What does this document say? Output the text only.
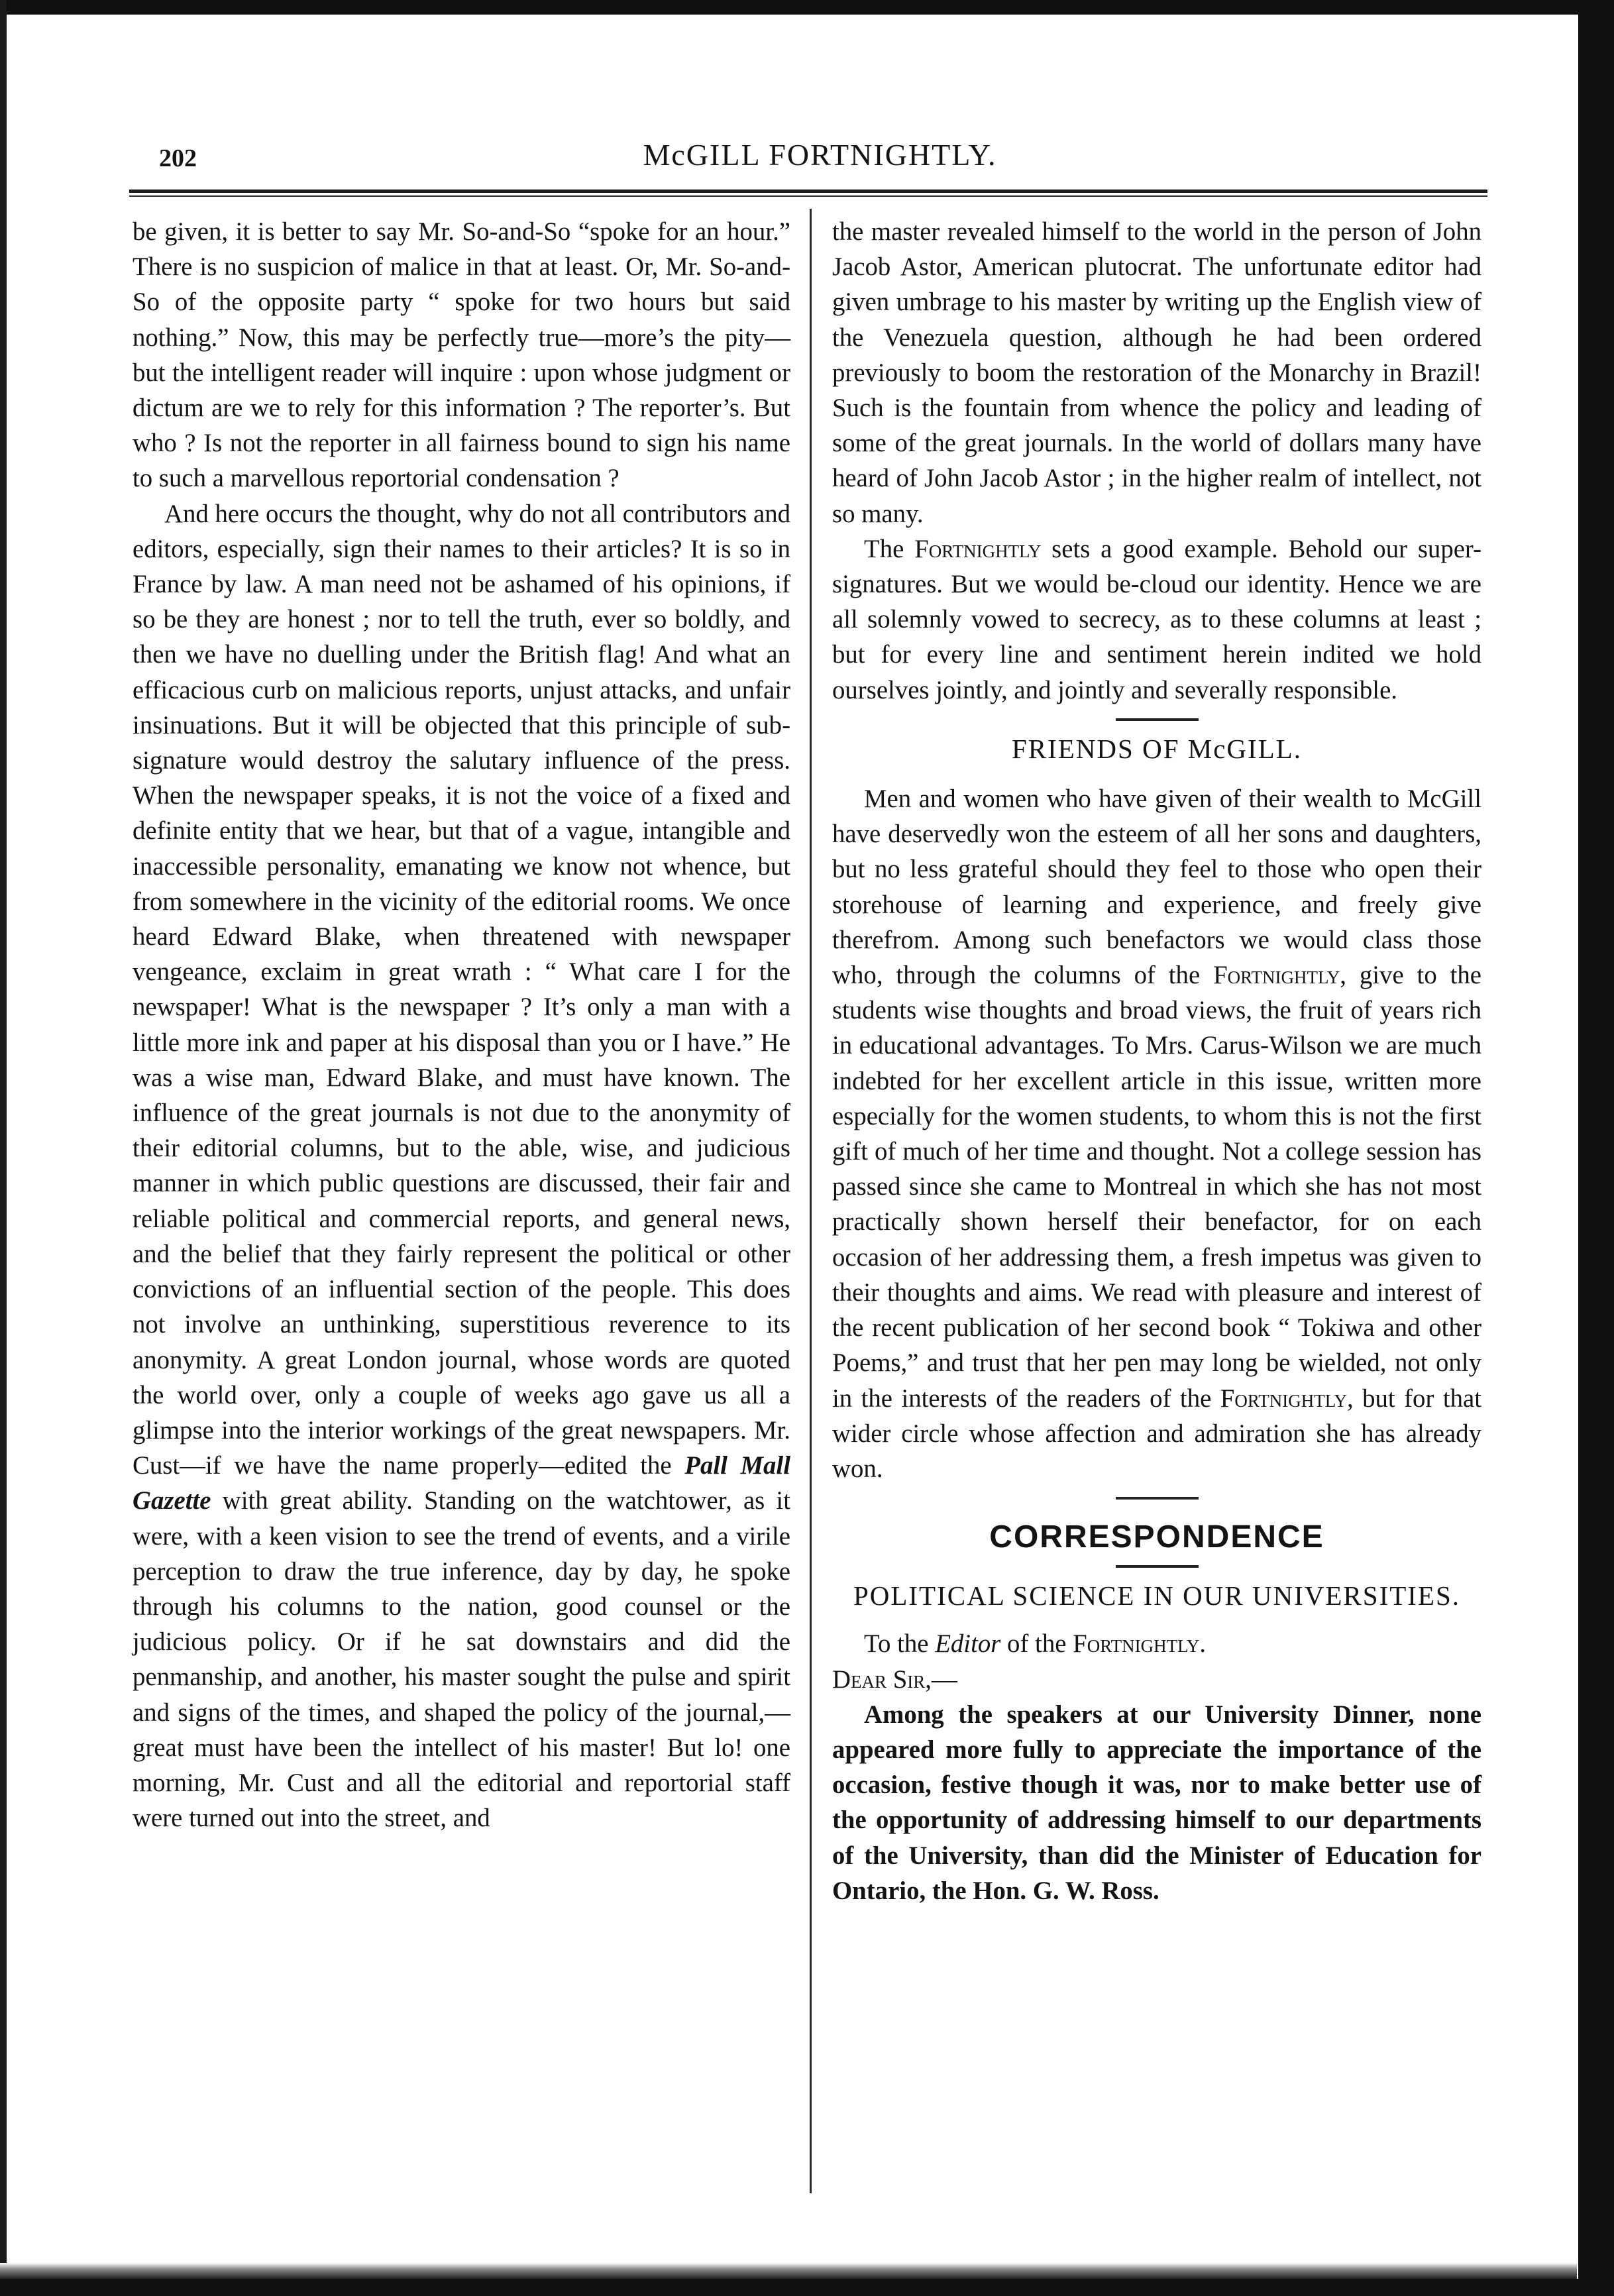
202	McGILL FORTNIGHTLY.

be given, it is better to say Mr. So-and-So “spoke for an hour.” There is no suspicion of malice in that at least. Or, Mr. So-and-So of the opposite party “ spoke for two hours but said nothing.” Now, this may be perfectly true—more’s the pity—but the intelligent reader will inquire : upon whose judgment or dictum are we to rely for this information ? The reporter’s. But who ? Is not the reporter in all fairness bound to sign his name to such a marvellous reportorial condensation ?

And here occurs the thought, why do not all contributors and editors, especially, sign their names to their articles? It is so in France by law. A man need not be ashamed of his opinions, if so be they are honest ; nor to tell the truth, ever so boldly, and then we have no duelling under the British flag! And what an efficacious curb on malicious reports, unjust attacks, and unfair insinuations. But it will be objected that this principle of sub-signature would destroy the salutary influence of the press. When the newspaper speaks, it is not the voice of a fixed and definite entity that we hear, but that of a vague, intangible and inaccessible personality, emanating we know not whence, but from somewhere in the vicinity of the editorial rooms. We once heard Edward Blake, when threatened with newspaper vengeance, exclaim in great wrath : “ What care I for the newspaper! What is the newspaper ? It’s only a man with a little more ink and paper at his disposal than you or I have.” He was a wise man, Edward Blake, and must have known. The influence of the great journals is not due to the anonymity of their editorial columns, but to the able, wise, and judicious manner in which public questions are discussed, their fair and reliable political and commercial reports, and general news, and the belief that they fairly represent the political or other convictions of an influential section of the people. This does not involve an unthinking, superstitious reverence to its anonymity. A great London journal, whose words are quoted the world over, only a couple of weeks ago gave us all a glimpse into the interior workings of the great newspapers. Mr. Cust—if we have the name properly—edited the Pall Mall Gazette with great ability. Standing on the watchtower, as it were, with a keen vision to see the trend of events, and a virile perception to draw the true inference, day by day, he spoke through his columns to the nation, good counsel or the judicious policy. Or if he sat downstairs and did the penmanship, and another, his master sought the pulse and spirit and signs of the times, and shaped the policy of the journal,—great must have been the intellect of his master! But lo! one morning, Mr. Cust and all the editorial and reportorial staff were turned out into the street, and

the master revealed himself to the world in the person of John Jacob Astor, American plutocrat. The unfortunate editor had given umbrage to his master by writing up the English view of the Venezuela question, although he had been ordered previously to boom the restoration of the Monarchy in Brazil! Such is the fountain from whence the policy and leading of some of the great journals. In the world of dollars many have heard of John Jacob Astor ; in the higher realm of intellect, not so many.

The Fortnightly sets a good example. Behold our super-signatures. But we would be-cloud our identity. Hence we are all solemnly vowed to secrecy, as to these columns at least ; but for every line and sentiment herein indited we hold ourselves jointly, and jointly and severally responsible.

FRIENDS OF McGILL.

Men and women who have given of their wealth to McGill have deservedly won the esteem of all her sons and daughters, but no less grateful should they feel to those who open their storehouse of learning and experience, and freely give therefrom. Among such benefactors we would class those who, through the columns of the Fortnightly, give to the students wise thoughts and broad views, the fruit of years rich in educational advantages. To Mrs. Carus-Wilson we are much indebted for her excellent article in this issue, written more especially for the women students, to whom this is not the first gift of much of her time and thought. Not a college session has passed since she came to Montreal in which she has not most practically shown herself their benefactor, for on each occasion of her addressing them, a fresh impetus was given to their thoughts and aims. We read with pleasure and interest of the recent publication of her second book “ Tokiwa and other Poems,” and trust that her pen may long be wielded, not only in the interests of the readers of the Fortnightly, but for that wider circle whose affection and admiration she has already won.

CORRESPONDENCE
POLITICAL SCIENCE IN OUR UNIVERSITIES.

To the Editor of the Fortnightly.

Dear Sir,—

Among the speakers at our University Dinner, none appeared more fully to appreciate the importance of the occasion, festive though it was, nor to make better use of the opportunity of addressing himself to our departments of the University, than did the Minister of Education for Ontario, the Hon. G. W. Ross.
